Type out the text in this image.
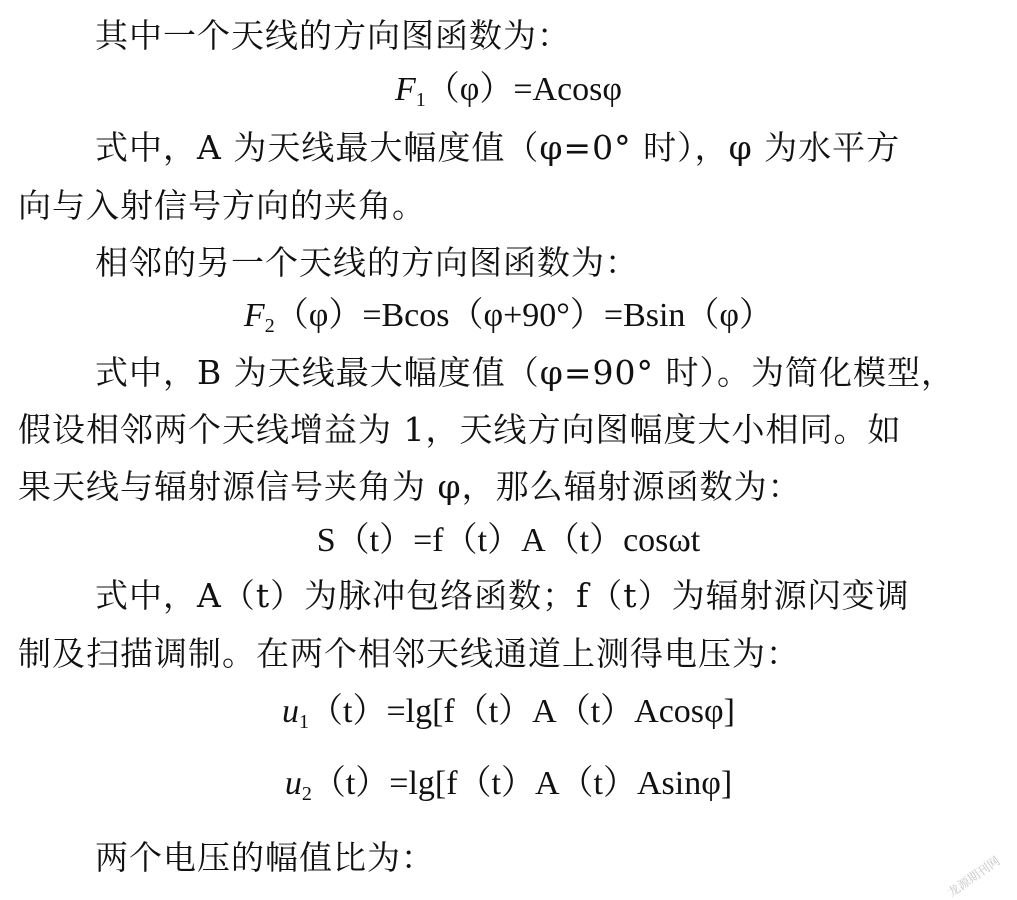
其中一个天线的方向图函数为：
$F_1(\varphi)=Acos\varphi$
式中，A 为天线最大幅度值（φ=0° 时），φ 为水平方
向与入射信号方向的夹角。
相邻的另一个天线的方向图函数为：
$F_2(\varphi)=Bcos(\varphi+90^\circ)=Bsin(\varphi)$
式中，B 为天线最大幅度值（φ=90° 时）。为简化模型，
假设相邻两个天线增益为 1，天线方向图幅度大小相同。如
果天线与辐射源信号夹角为 φ，那么辐射源函数为：
S（t）=f（t）A（t）cosωt
式中，A（t）为脉冲包络函数；f（t）为辐射源闪变调
制及扫描调制。在两个相邻天线通道上测得电压为：
$u_1(t)=\lg[f(t)A(t)Acos\varphi]$
$u_2(t)=\lg[f(t)A(t)Asin\varphi]$
两个电压的幅值比为：	龙源期刊网
